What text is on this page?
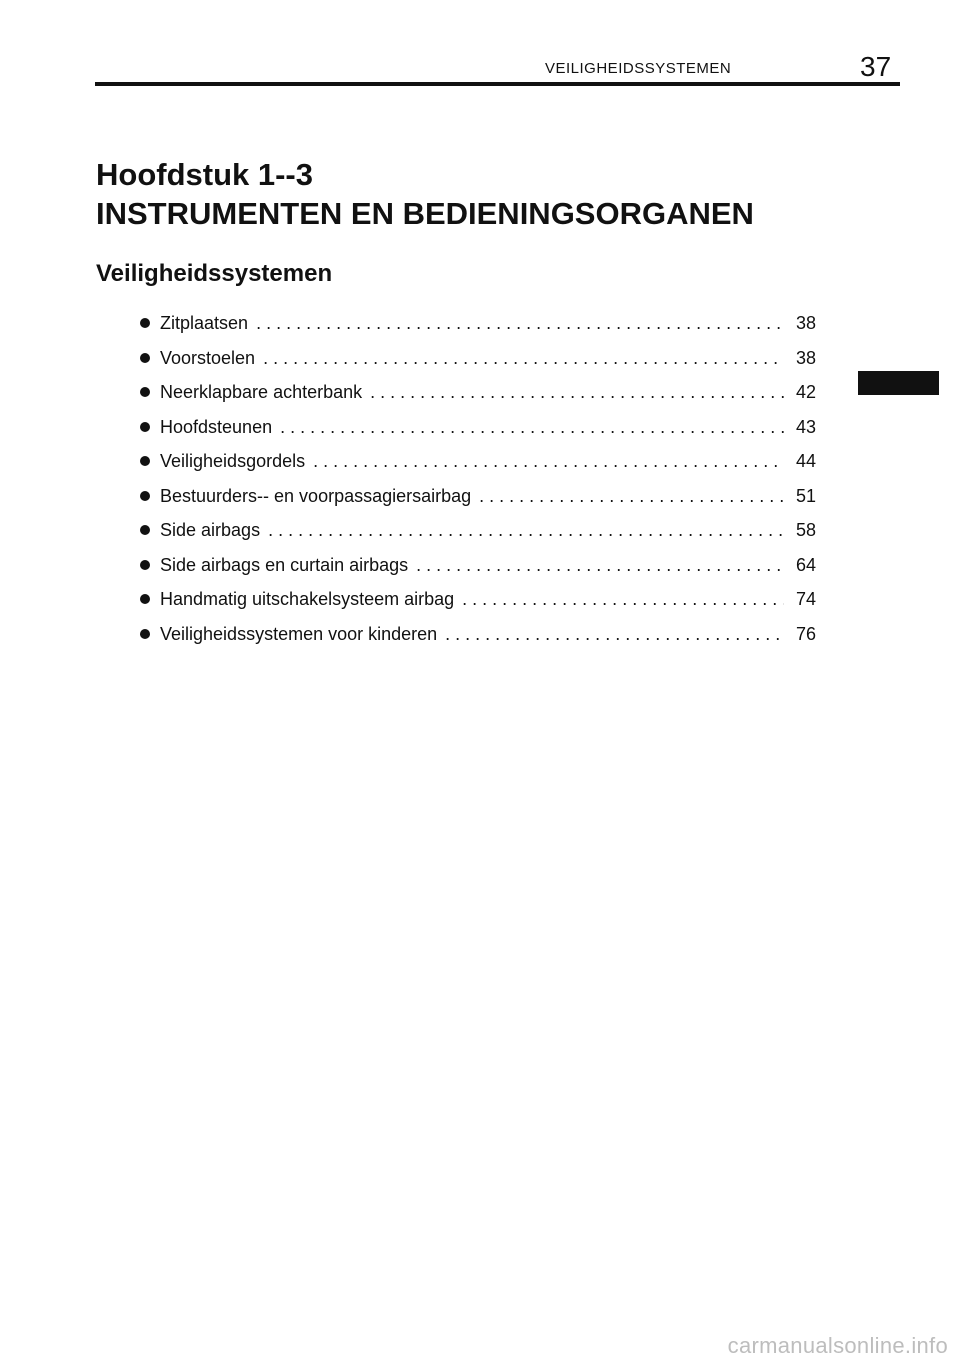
VEILIGHEIDSSYSTEMEN	37
Hoofdstuk 1--3
INSTRUMENTEN EN BEDIENINGSORGANEN
Veiligheidssystemen
Zitplaatsen . . .	38
Voorstoelen . . .	38
Neerklapbare achterbank . . .	42
Hoofdsteunen . . .	43
Veiligheidsgordels . . .	44
Bestuurders-- en voorpassagiersairbag . . .	51
Side airbags . . .	58
Side airbags en curtain airbags . . .	64
Handmatig uitschakelsysteem airbag . . .	74
Veiligheidssystemen voor kinderen . . .	76
carmanualsonline.info
